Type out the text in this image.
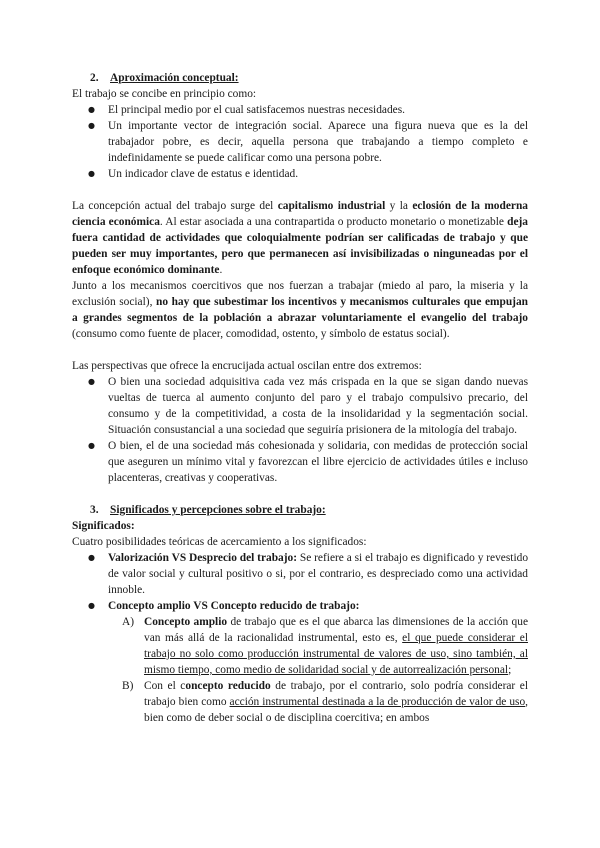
2. Aproximación conceptual:

El trabajo se concibe en principio como:

● El principal medio por el cual satisfacemos nuestras necesidades.
● Un importante vector de integración social. Aparece una figura nueva que es la del trabajador pobre, es decir, aquella persona que trabajando a tiempo completo e indefinidamente se puede calificar como una persona pobre.
● Un indicador clave de estatus e identidad.

La concepción actual del trabajo surge del capitalismo industrial y la eclosión de la moderna ciencia económica. Al estar asociada a una contrapartida o producto monetario o monetizable deja fuera cantidad de actividades que coloquialmente podrían ser calificadas de trabajo y que pueden ser muy importantes, pero que permanecen así invisibilizadas o ninguneadas por el enfoque económico dominante.

Junto a los mecanismos coercitivos que nos fuerzan a trabajar (miedo al paro, la miseria y la exclusión social), no hay que subestimar los incentivos y mecanismos culturales que empujan a grandes segmentos de la población a abrazar voluntariamente el evangelio del trabajo (consumo como fuente de placer, comodidad, ostento, y símbolo de estatus social).

Las perspectivas que ofrece la encrucijada actual oscilan entre dos extremos:

● O bien una sociedad adquisitiva cada vez más crispada en la que se sigan dando nuevas vueltas de tuerca al aumento conjunto del paro y el trabajo compulsivo precario, del consumo y de la competitividad, a costa de la insolidaridad y la segmentación social. Situación consustancial a una sociedad que seguiría prisionera de la mitología del trabajo.
● O bien, el de una sociedad más cohesionada y solidaria, con medidas de protección social que aseguren un mínimo vital y favorezcan el libre ejercicio de actividades útiles e incluso placenteras, creativas y cooperativas.

3. Significados y percepciones sobre el trabajo:

Significados:

Cuatro posibilidades teóricas de acercamiento a los significados:

● Valorización VS Desprecio del trabajo: Se refiere a si el trabajo es dignificado y revestido de valor social y cultural positivo o si, por el contrario, es despreciado como una actividad innoble.
● Concepto amplio VS Concepto reducido de trabajo:
A) Concepto amplio de trabajo que es el que abarca las dimensiones de la acción que van más allá de la racionalidad instrumental, esto es, el que puede considerar el trabajo no solo como producción instrumental de valores de uso, sino también, al mismo tiempo, como medio de solidaridad social y de autorrealización personal;
B) Con el concepto reducido de trabajo, por el contrario, solo podría considerar el trabajo bien como acción instrumental destinada a la de producción de valor de uso, bien como de deber social o de disciplina coercitiva; en ambos
